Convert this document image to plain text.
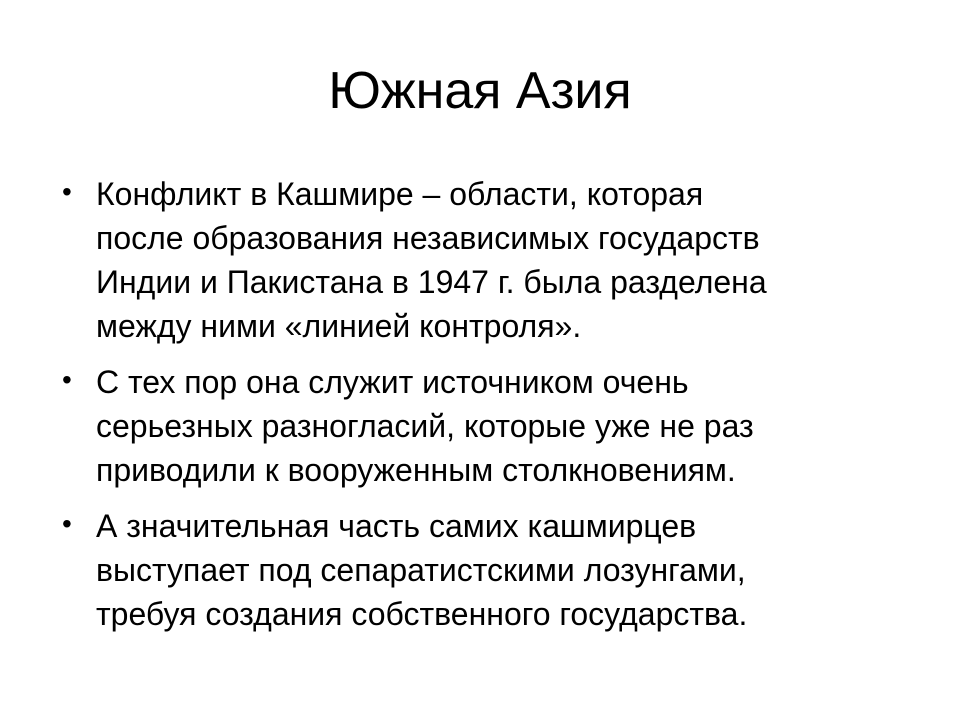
Южная Азия
• Конфликт в Кашмире – области, которая
после образования независимых государств
Индии и Пакистана в 1947 г. была разделена
между ними «линией контроля».
• С тех пор она служит источником очень
серьезных разногласий, которые уже не раз
приводили к вооруженным столкновениям.
• А значительная часть самих кашмирцев
выступает под сепаратистскими лозунгами,
требуя создания собственного государства.
